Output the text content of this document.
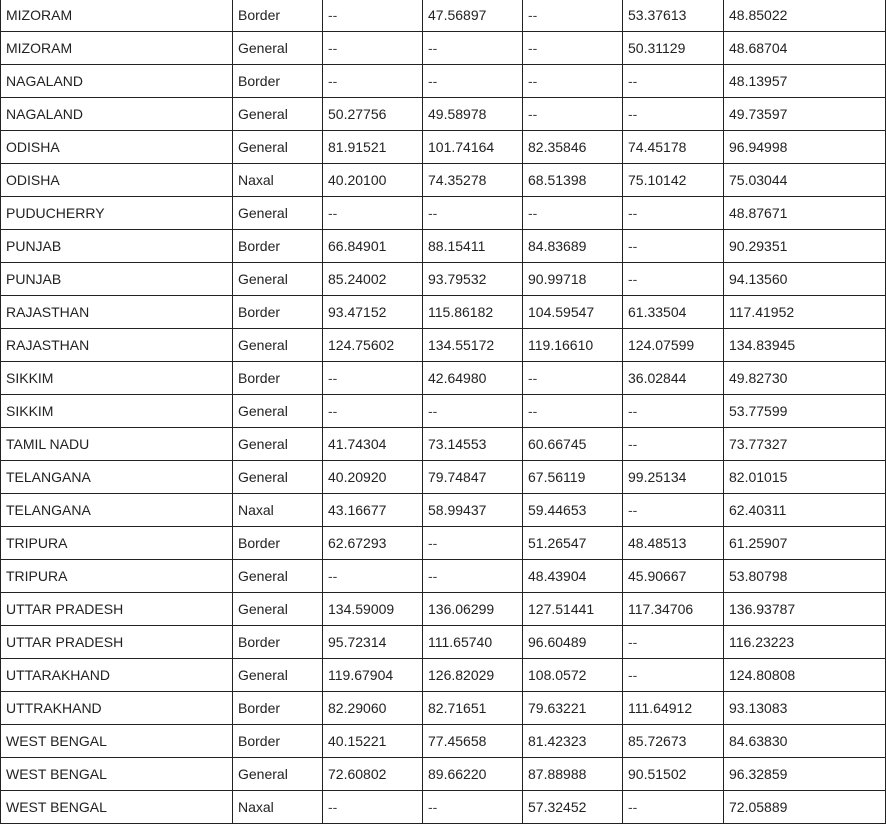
MIZORAM	Border	--	47.56897	--	53.37613	48.85022
MIZORAM	General	--	--	--	50.31129	48.68704
NAGALAND	Border	--	--	--	--	48.13957
NAGALAND	General	50.27756	49.58978	--	--	49.73597
ODISHA	General	81.91521	101.74164	82.35846	74.45178	96.94998
ODISHA	Naxal	40.20100	74.35278	68.51398	75.10142	75.03044
PUDUCHERRY	General	--	--	--	--	48.87671
PUNJAB	Border	66.84901	88.15411	84.83689	--	90.29351
PUNJAB	General	85.24002	93.79532	90.99718	--	94.13560
RAJASTHAN	Border	93.47152	115.86182	104.59547	61.33504	117.41952
RAJASTHAN	General	124.75602	134.55172	119.16610	124.07599	134.83945
SIKKIM	Border	--	42.64980	--	36.02844	49.82730
SIKKIM	General	--	--	--	--	53.77599
TAMIL NADU	General	41.74304	73.14553	60.66745	--	73.77327
TELANGANA	General	40.20920	79.74847	67.56119	99.25134	82.01015
TELANGANA	Naxal	43.16677	58.99437	59.44653	--	62.40311
TRIPURA	Border	62.67293	--	51.26547	48.48513	61.25907
TRIPURA	General	--	--	48.43904	45.90667	53.80798
UTTAR PRADESH	General	134.59009	136.06299	127.51441	117.34706	136.93787
UTTAR PRADESH	Border	95.72314	111.65740	96.60489	--	116.23223
UTTARAKHAND	General	119.67904	126.82029	108.0572	--	124.80808
UTTRAKHAND	Border	82.29060	82.71651	79.63221	111.64912	93.13083
WEST BENGAL	Border	40.15221	77.45658	81.42323	85.72673	84.63830
WEST BENGAL	General	72.60802	89.66220	87.88988	90.51502	96.32859
WEST BENGAL	Naxal	--	--	57.32452	--	72.05889
